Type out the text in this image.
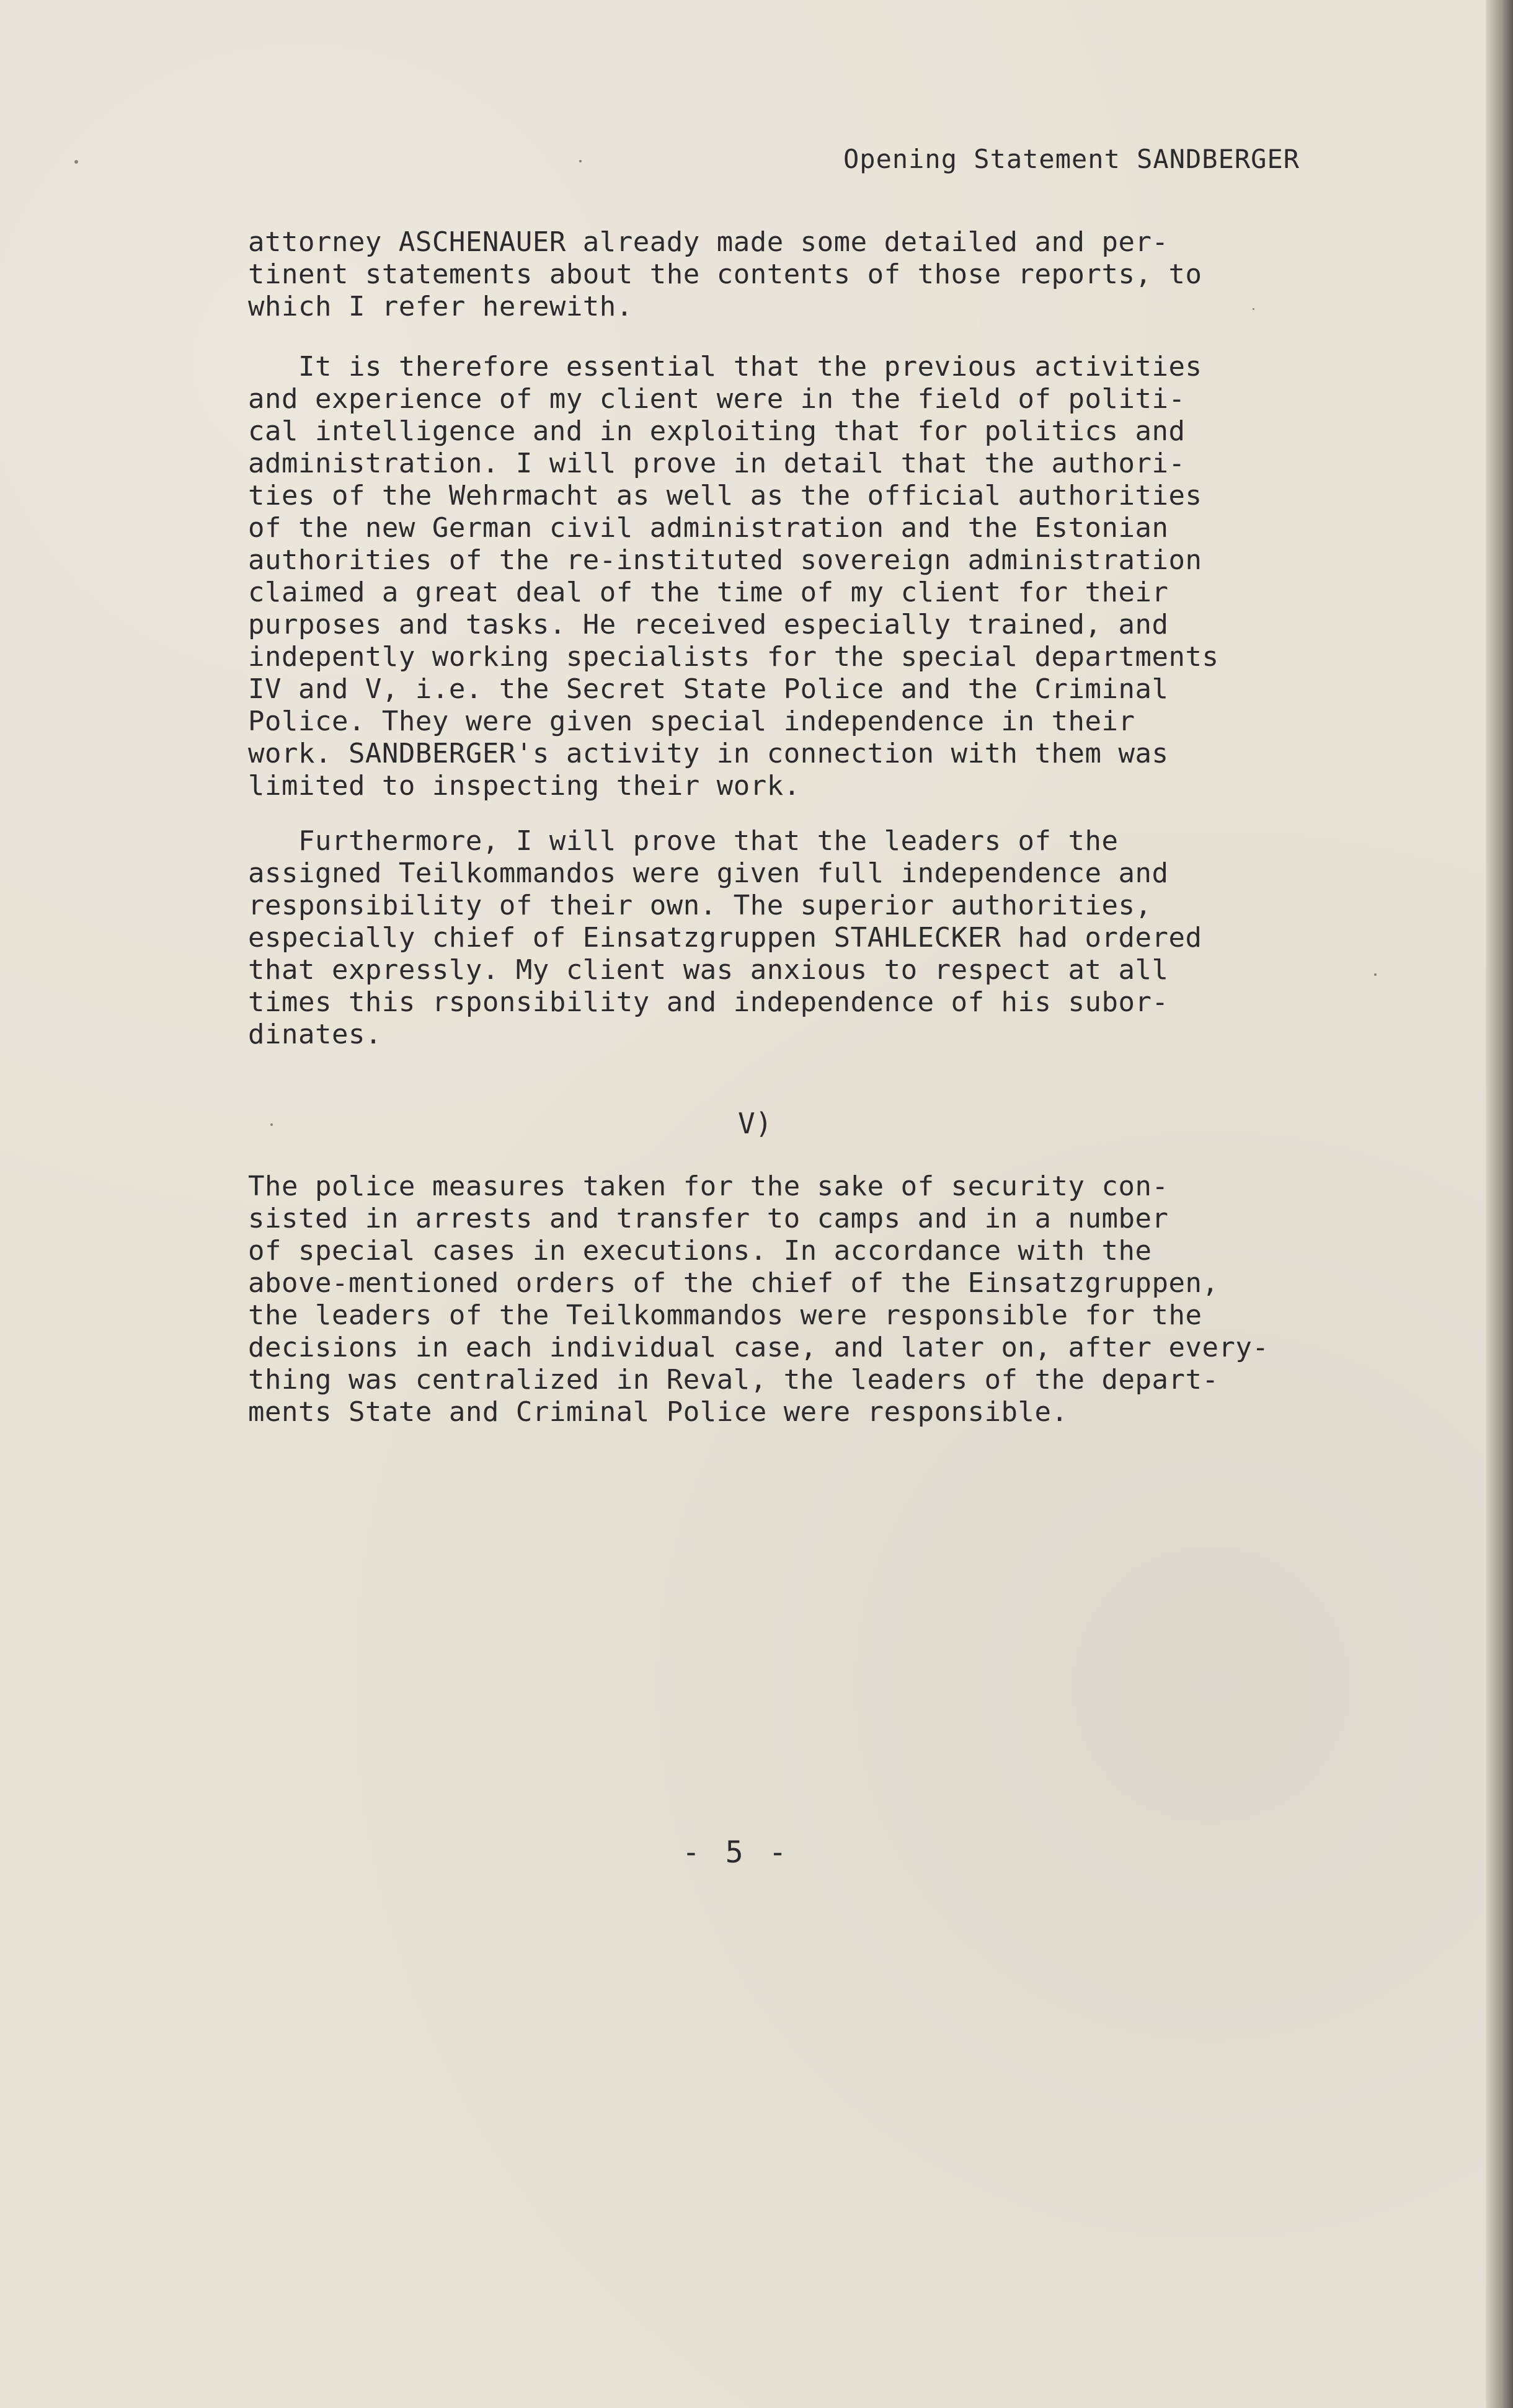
Opening Statement SANDBERGER
attorney ASCHENAUER already made some detailed and per-
tinent statements about the contents of those reports, to
which I refer herewith.
It is therefore essential that the previous activities
and experience of my client were in the field of politi-
cal intelligence and in exploiting that for politics and
administration. I will prove in detail that the authori-
ties of the Wehrmacht as well as the official authorities
of the new German civil administration and the Estonian
authorities of the re-instituted sovereign administration
claimed a great deal of the time of my client for their
purposes and tasks. He received especially trained, and
indepently working specialists for the special departments
IV and V, i.e. the Secret State Police and the Criminal
Police. They were given special independence in their
work. SANDBERGER's activity in connection with them was
limited to inspecting their work.
Furthermore, I will prove that the leaders of the
assigned Teilkommandos were given full independence and
responsibility of their own. The superior authorities,
especially chief of Einsatzgruppen STAHLECKER had ordered
that expressly. My client was anxious to respect at all
times this rsponsibility and independence of his subor-
dinates.
V)
The police measures taken for the sake of security con-
sisted in arrests and transfer to camps and in a number
of special cases in executions. In accordance with the
above-mentioned orders of the chief of the Einsatzgruppen,
the leaders of the Teilkommandos were responsible for the
decisions in each individual case, and later on, after every-
thing was centralized in Reval, the leaders of the depart-
ments State and Criminal Police were responsible.
- 5 -
